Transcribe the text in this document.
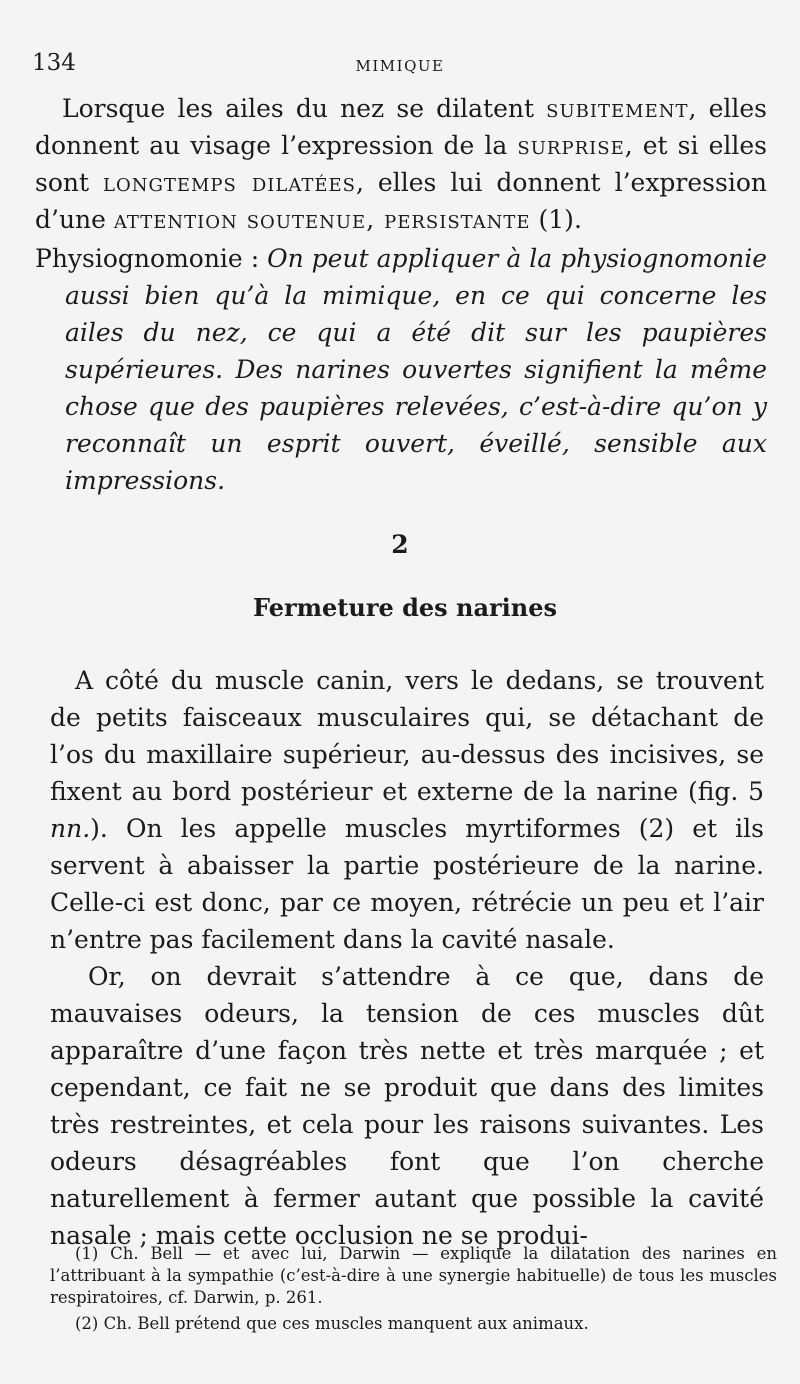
134	MIMIQUE

Lorsque les ailes du nez se dilatent subitement, elles donnent au visage l’expression de la surprise, et si elles sont longtemps dilatées, elles lui donnent l’expression d’une attention soutenue, persistante (1).

Physiognomonie : On peut appliquer à la physiognomonie aussi bien qu’à la mimique, en ce qui concerne les ailes du nez, ce qui a été dit sur les paupières supérieures. Des narines ouvertes signifient la même chose que des paupières relevées, c’est-à-dire qu’on y reconnaît un esprit ouvert, éveillé, sensible aux impressions.

2
Fermeture des narines

A côté du muscle canin, vers le dedans, se trouvent de petits faisceaux musculaires qui, se détachant de l’os du maxillaire supérieur, au-dessus des incisives, se fixent au bord postérieur et externe de la narine (fig. 5 nn.). On les appelle muscles myrtiformes (2) et ils servent à abaisser la partie postérieure de la narine. Celle-ci est donc, par ce moyen, rétrécie un peu et l’air n’entre pas facilement dans la cavité nasale.

Or, on devrait s’attendre à ce que, dans de mauvaises odeurs, la tension de ces muscles dût apparaître d’une façon très nette et très marquée ; et cependant, ce fait ne se produit que dans des limites très restreintes, et cela pour les raisons suivantes. Les odeurs désagréables font que l’on cherche naturellement à fermer autant que possible la cavité nasale ; mais cette occlusion ne se produi-

(1) Ch. Bell — et avec lui, Darwin — explique la dilatation des narines en l’attribuant à la sympathie (c’est-à-dire à une synergie habituelle) de tous les muscles respiratoires, cf. Darwin, p. 261.

(2) Ch. Bell prétend que ces muscles manquent aux animaux.
